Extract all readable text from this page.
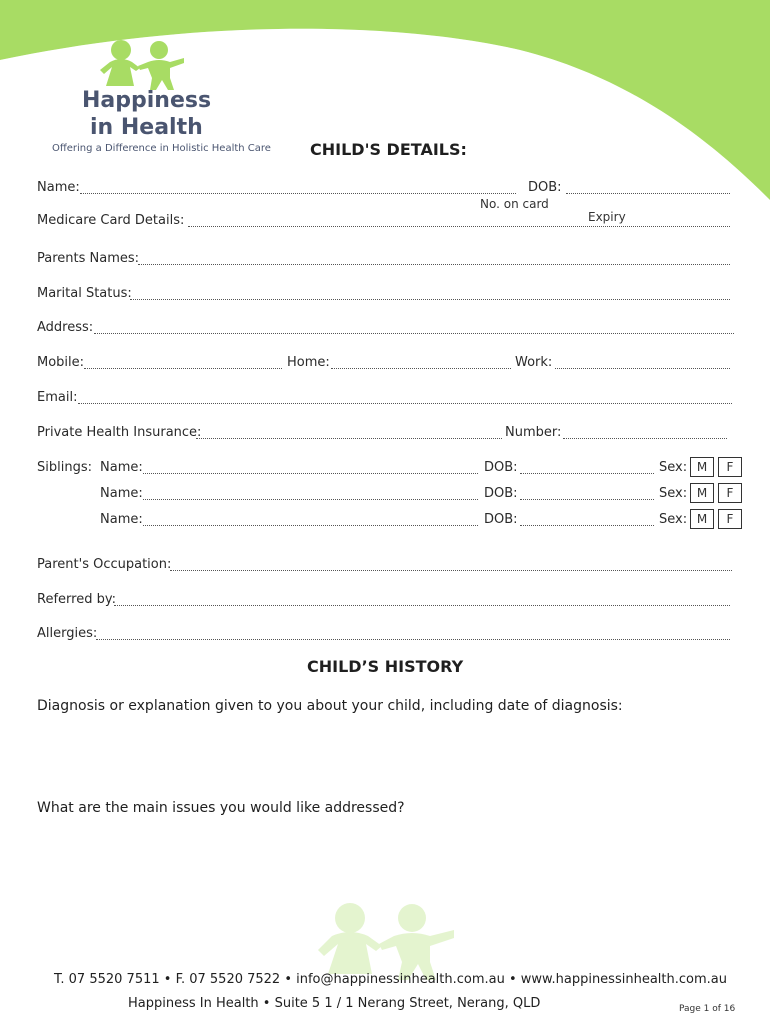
Happiness
in Health
Offering a Difference in Holistic Health Care CHILD'S DETAILS:
Name:	DOB:
No. on card
Medicare Card Details:	Expiry
Parents Names:
Marital Status:
Address:
Mobile:	Home:	Work:
Email:
Private Health Insurance:	Number:
Siblings: Name:	DOB:	Sex: M	F
Name:	DOB:	Sex: M	F
Name:	DOB:	Sex: M	F
Parent's Occupation:
Referred by:
Allergies:
CHILD’S HISTORY
Diagnosis or explanation given to you about your child, including date of diagnosis:
What are the main issues you would like addressed?
T. 07 5520 7511 • F. 07 5520 7522 • info@happinessinhealth.com.au • www.happinessinhealth.com.au
Happiness In Health • Suite 5 1 / 1 Nerang Street, Nerang, QLD	Page 1 of 16
